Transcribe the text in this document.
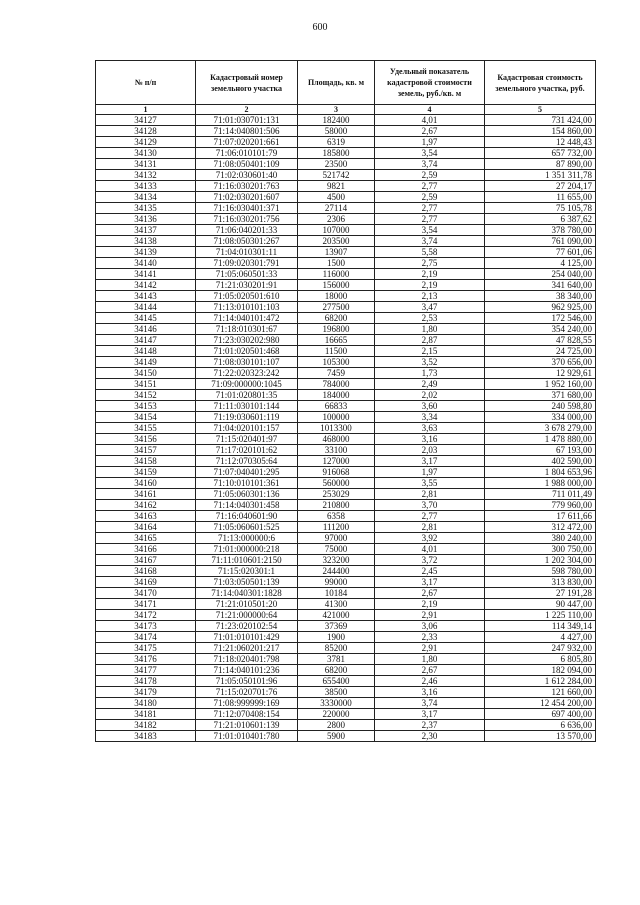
600
№ п/п	Кадастровый номер земельного участка	Площадь, кв. м	Удельный показатель кадастровой стоимости земель, руб./кв. м	Кадастровая стоимость земельного участка, руб.
1	2	3	4	5
34127	71:01:030701:131	182400	4,01	731 424,00
34128	71:14:040801:506	58000	2,67	154 860,00
34129	71:07:020201:661	6319	1,97	12 448,43
34130	71:06:010101:79	185800	3,54	657 732,00
34131	71:08:050401:109	23500	3,74	87 890,00
34132	71:02:030601:40	521742	2,59	1 351 311,78
34133	71:16:030201:763	9821	2,77	27 204,17
34134	71:02:030201:607	4500	2,59	11 655,00
34135	71:16:030401:371	27114	2,77	75 105,78
34136	71:16:030201:756	2306	2,77	6 387,62
34137	71:06:040201:33	107000	3,54	378 780,00
34138	71:08:050301:267	203500	3,74	761 090,00
34139	71:04:010301:11	13907	5,58	77 601,06
34140	71:09:020301:791	1500	2,75	4 125,00
34141	71:05:060501:33	116000	2,19	254 040,00
34142	71:21:030201:91	156000	2,19	341 640,00
34143	71:05:020501:610	18000	2,13	38 340,00
34144	71:13:010101:103	277500	3,47	962 925,00
34145	71:14:040101:472	68200	2,53	172 546,00
34146	71:18:010301:67	196800	1,80	354 240,00
34147	71:23:030202:980	16665	2,87	47 828,55
34148	71:01:020501:468	11500	2,15	24 725,00
34149	71:08:030101:107	105300	3,52	370 656,00
34150	71:22:020323:242	7459	1,73	12 929,61
34151	71:09:000000:1045	784000	2,49	1 952 160,00
34152	71:01:020801:35	184000	2,02	371 680,00
34153	71:11:030101:144	66833	3,60	240 598,80
34154	71:19:030601:119	100000	3,34	334 000,00
34155	71:04:020101:157	1013300	3,63	3 678 279,00
34156	71:15:020401:97	468000	3,16	1 478 880,00
34157	71:17:020101:62	33100	2,03	67 193,00
34158	71:12:070305:64	127000	3,17	402 590,00
34159	71:07:040401:295	916068	1,97	1 804 653,96
34160	71:10:010101:361	560000	3,55	1 988 000,00
34161	71:05:060301:136	253029	2,81	711 011,49
34162	71:14:040301:458	210800	3,70	779 960,00
34163	71:16:040601:90	6358	2,77	17 611,66
34164	71:05:060601:525	111200	2,81	312 472,00
34165	71:13:000000:6	97000	3,92	380 240,00
34166	71:01:000000:218	75000	4,01	300 750,00
34167	71:11:010601:2150	323200	3,72	1 202 304,00
34168	71:15:020301:1	244400	2,45	598 780,00
34169	71:03:050501:139	99000	3,17	313 830,00
34170	71:14:040301:1828	10184	2,67	27 191,28
34171	71:21:010501:20	41300	2,19	90 447,00
34172	71:21:000000:64	421000	2,91	1 225 110,00
34173	71:23:020102:54	37369	3,06	114 349,14
34174	71:01:010101:429	1900	2,33	4 427,00
34175	71:21:060201:217	85200	2,91	247 932,00
34176	71:18:020401:798	3781	1,80	6 805,80
34177	71:14:040101:236	68200	2,67	182 094,00
34178	71:05:050101:96	655400	2,46	1 612 284,00
34179	71:15:020701:76	38500	3,16	121 660,00
34180	71:08:999999:169	3330000	3,74	12 454 200,00
34181	71:12:070408:154	220000	3,17	697 400,00
34182	71:21:010601:139	2800	2,37	6 636,00
34183	71:01:010401:780	5900	2,30	13 570,00
